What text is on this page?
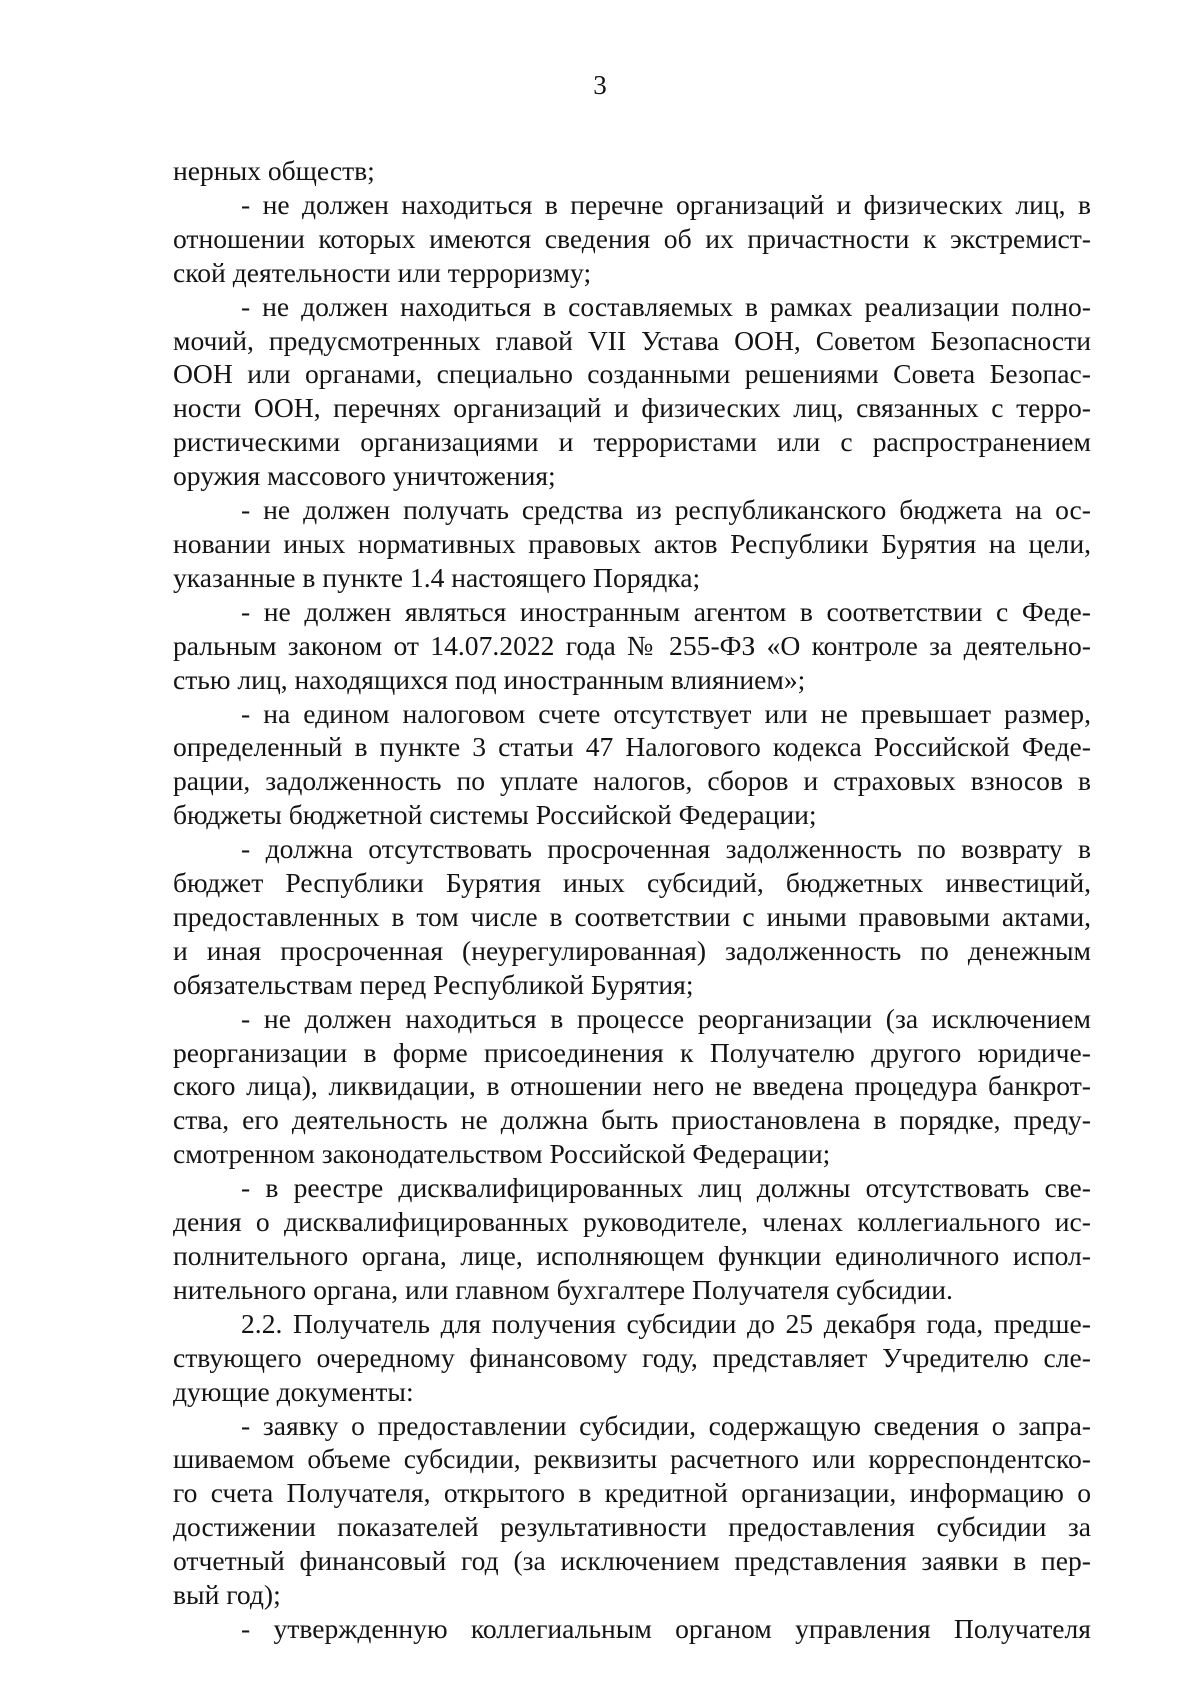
3
нерных обществ;
- не должен находиться в перечне организаций и физических лиц, в
отношении которых имеются сведения об их причастности к экстремист-
ской деятельности или терроризму;
- не должен находиться в составляемых в рамках реализации полно-
мочий, предусмотренных главой VII Устава ООН, Советом Безопасности
ООН или органами, специально созданными решениями Совета Безопас-
ности ООН, перечнях организаций и физических лиц, связанных с терро-
ристическими организациями и террористами или с распространением
оружия массового уничтожения;
- не должен получать средства из республиканского бюджета на ос-
новании иных нормативных правовых актов Республики Бурятия на цели,
указанные в пункте 1.4 настоящего Порядка;
- не должен являться иностранным агентом в соответствии с Феде-
ральным законом от 14.07.2022 года № 255-ФЗ «О контроле за деятельно-
стью лиц, находящихся под иностранным влиянием»;
- на едином налоговом счете отсутствует или не превышает размер,
определенный в пункте 3 статьи 47 Налогового кодекса Российской Феде-
рации, задолженность по уплате налогов, сборов и страховых взносов в
бюджеты бюджетной системы Российской Федерации;
- должна отсутствовать просроченная задолженность по возврату в
бюджет Республики Бурятия иных субсидий, бюджетных инвестиций,
предоставленных в том числе в соответствии с иными правовыми актами,
и иная просроченная (неурегулированная) задолженность по денежным
обязательствам перед Республикой Бурятия;
- не должен находиться в процессе реорганизации (за исключением
реорганизации в форме присоединения к Получателю другого юридиче-
ского лица), ликвидации, в отношении него не введена процедура банкрот-
ства, его деятельность не должна быть приостановлена в порядке, преду-
смотренном законодательством Российской Федерации;
- в реестре дисквалифицированных лиц должны отсутствовать све-
дения о дисквалифицированных руководителе, членах коллегиального ис-
полнительного органа, лице, исполняющем функции единоличного испол-
нительного органа, или главном бухгалтере Получателя субсидии.
2.2. Получатель для получения субсидии до 25 декабря года, предше-
ствующего очередному финансовому году, представляет Учредителю сле-
дующие документы:
- заявку о предоставлении субсидии, содержащую сведения о запра-
шиваемом объеме субсидии, реквизиты расчетного или корреспондентско-
го счета Получателя, открытого в кредитной организации, информацию о
достижении показателей результативности предоставления субсидии за
отчетный финансовый год (за исключением представления заявки в пер-
вый год);
- утвержденную коллегиальным органом управления Получателя
